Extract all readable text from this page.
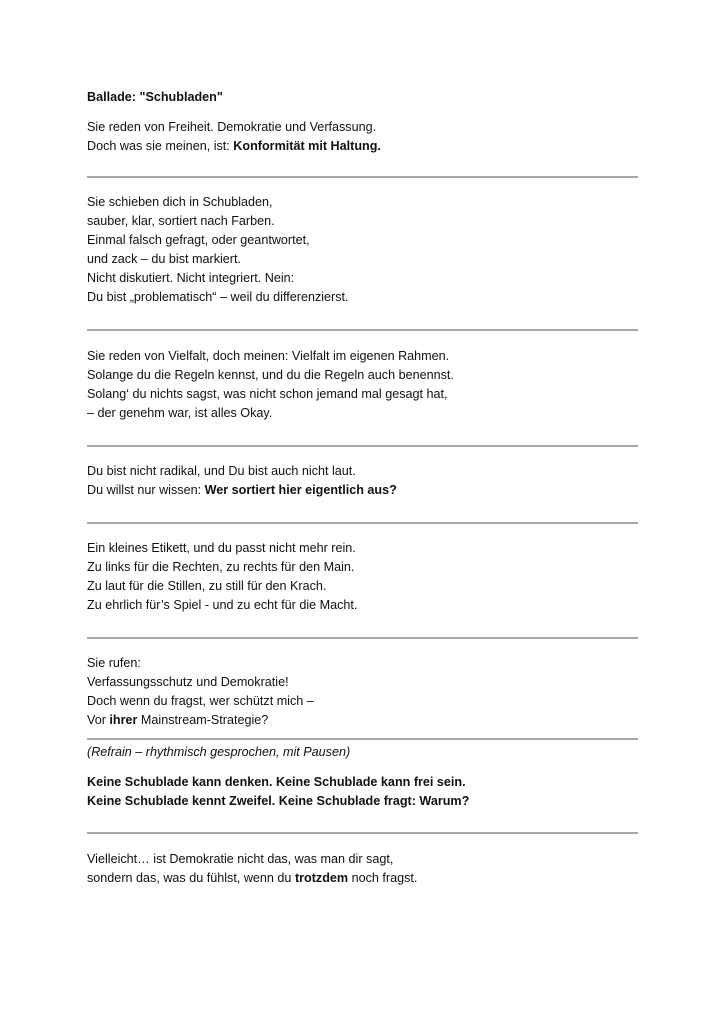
Ballade: "Schubladen"
Sie reden von Freiheit. Demokratie und Verfassung.
Doch was sie meinen, ist: Konformität mit Haltung.
Sie schieben dich in Schubladen,
sauber, klar, sortiert nach Farben.
Einmal falsch gefragt, oder geantwortet,
und zack – du bist markiert.
Nicht diskutiert. Nicht integriert. Nein:
Du bist „problematisch“ – weil du differenzierst.
Sie reden von Vielfalt, doch meinen: Vielfalt im eigenen Rahmen.
Solange du die Regeln kennst, und du die Regeln auch benennst.
Solang‘ du nichts sagst, was nicht schon jemand mal gesagt hat,
– der genehm war, ist alles Okay.
Du bist nicht radikal, und Du bist auch nicht laut.
Du willst nur wissen: Wer sortiert hier eigentlich aus?
Ein kleines Etikett, und du passt nicht mehr rein.
Zu links für die Rechten, zu rechts für den Main.
Zu laut für die Stillen, zu still für den Krach.
Zu ehrlich für’s Spiel - und zu echt für die Macht.
Sie rufen:
Verfassungsschutz und Demokratie!
Doch wenn du fragst, wer schützt mich –
Vor ihrer Mainstream-Strategie?
(Refrain – rhythmisch gesprochen, mit Pausen)
Keine Schublade kann denken. Keine Schublade kann frei sein.
Keine Schublade kennt Zweifel. Keine Schublade fragt: Warum?
Vielleicht… ist Demokratie nicht das, was man dir sagt,
sondern das, was du fühlst, wenn du trotzdem noch fragst.
